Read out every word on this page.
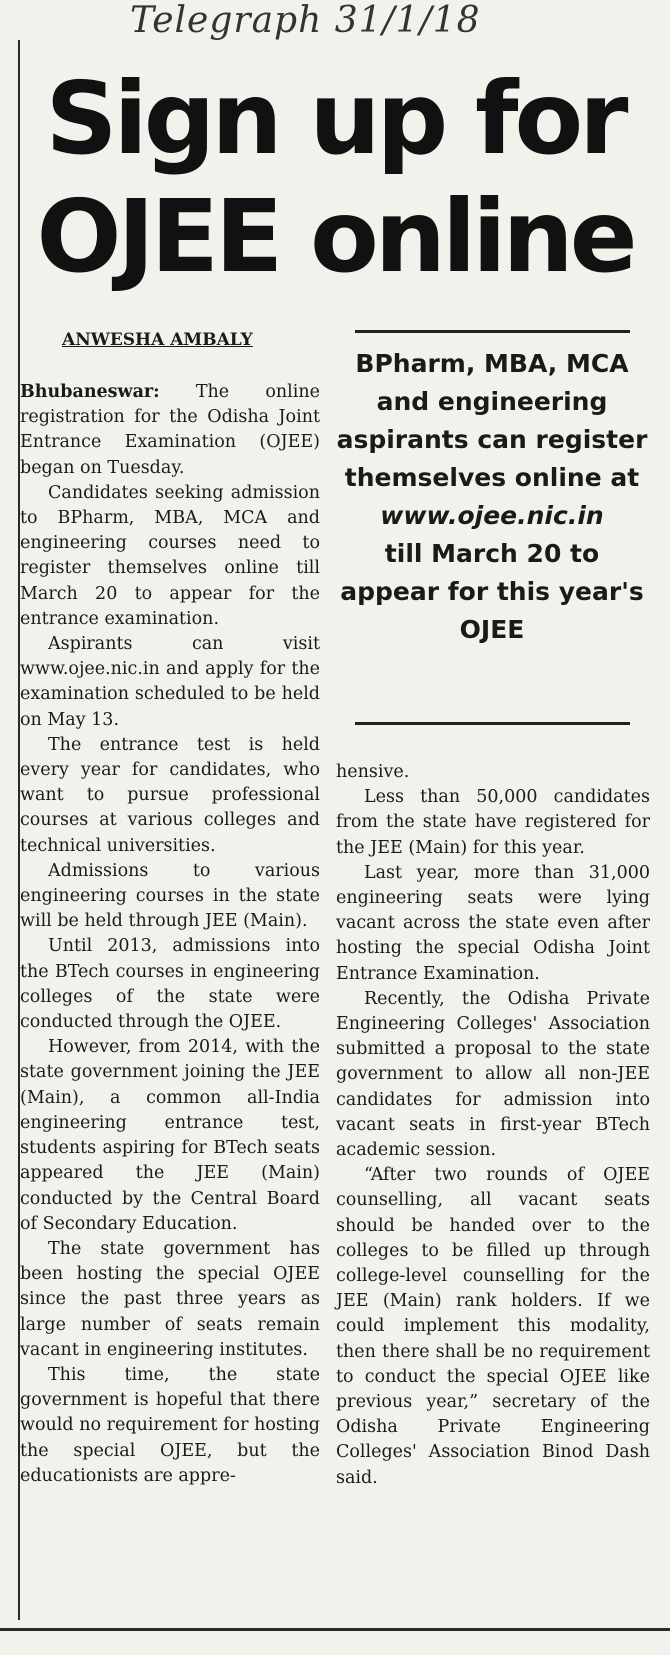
Telegraph 31/1/18
Sign up for OJEE online
ANWESHA AMBALY
BPharm, MBA, MCA and engineering aspirants can register themselves online at
www.ojee.nic.in
till March 20 to appear for this year's OJEE

Bhubaneswar: The online registration for the Odisha Joint Entrance Examination (OJEE) began on Tuesday.

Candidates seeking admission to BPharm, MBA, MCA and engineering courses need to register themselves online till March 20 to appear for the entrance examination.

Aspirants can visit www.ojee.nic.in and apply for the examination scheduled to be held on May 13.

The entrance test is held every year for candidates, who want to pursue professional courses at various colleges and technical universities.

Admissions to various engineering courses in the state will be held through JEE (Main).

Until 2013, admissions into the BTech courses in engineering colleges of the state were conducted through the OJEE.

However, from 2014, with the state government joining the JEE (Main), a common all-India engineering entrance test, students aspiring for BTech seats appeared the JEE (Main) conducted by the Central Board of Secondary Education.

The state government has been hosting the special OJEE since the past three years as large number of seats remain vacant in engineering institutes.

This time, the state government is hopeful that there would no requirement for hosting the special OJEE, but the educationists are appre-

hensive.

Less than 50,000 candidates from the state have registered for the JEE (Main) for this year.

Last year, more than 31,000 engineering seats were lying vacant across the state even after hosting the special Odisha Joint Entrance Examination.

Recently, the Odisha Private Engineering Colleges' Association submitted a proposal to the state government to allow all non-JEE candidates for admission into vacant seats in first-year BTech academic session.

“After two rounds of OJEE counselling, all vacant seats should be handed over to the colleges to be filled up through college-level counselling for the JEE (Main) rank holders. If we could implement this modality, then there shall be no requirement to conduct the special OJEE like previous year,” secretary of the Odisha Private Engineering Colleges' Association Binod Dash said.
